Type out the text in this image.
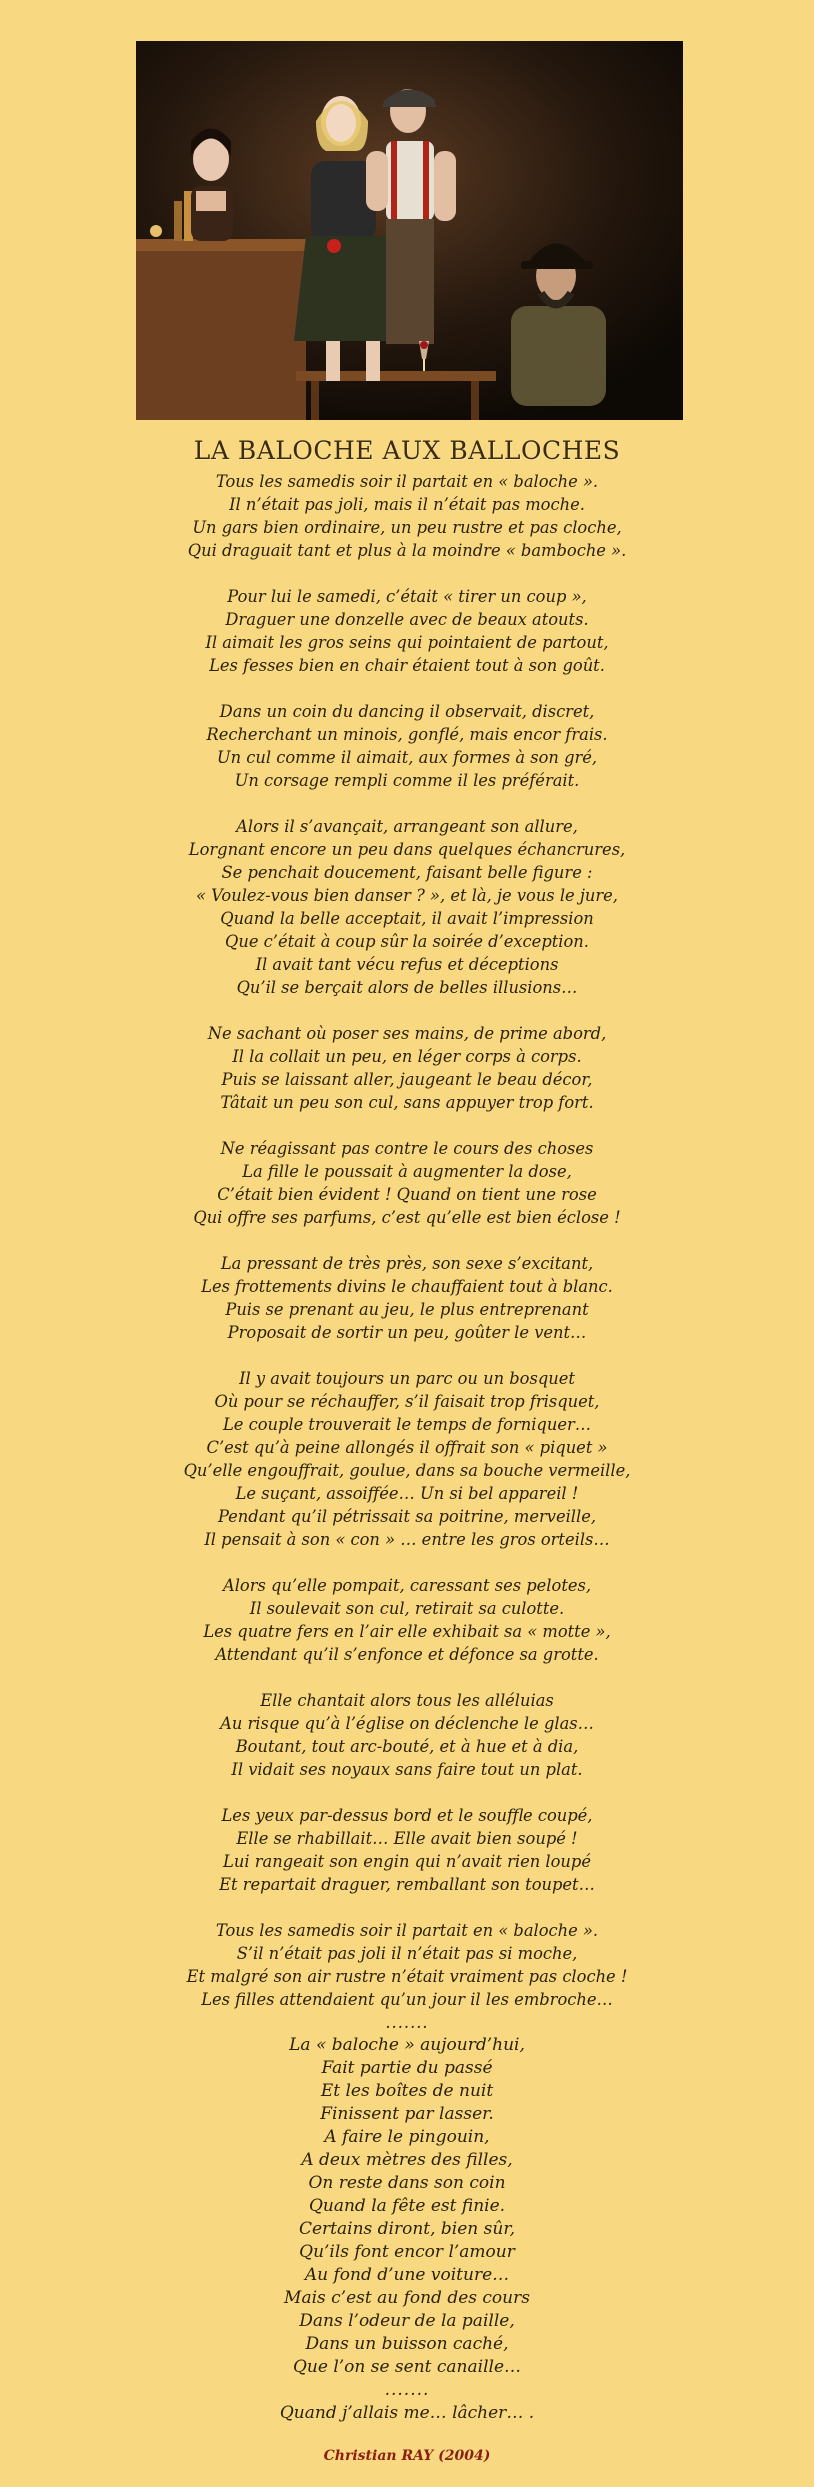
LA BALOCHE AUX BALLOCHES
Tous les samedis soir il partait en « baloche ».
Il n’était pas joli, mais il n’était pas moche.
Un gars bien ordinaire, un peu rustre et pas cloche,
Qui draguait tant et plus à la moindre « bamboche ».
Pour lui le samedi, c’était « tirer un coup »,
Draguer une donzelle avec de beaux atouts.
Il aimait les gros seins qui pointaient de partout,
Les fesses bien en chair étaient tout à son goût.
Dans un coin du dancing il observait, discret,
Recherchant un minois, gonflé, mais encor frais.
Un cul comme il aimait, aux formes à son gré,
Un corsage rempli comme il les préférait.
Alors il s’avançait, arrangeant son allure,
Lorgnant encore un peu dans quelques échancrures,
Se penchait doucement, faisant belle figure :
« Voulez-vous bien danser ? », et là, je vous le jure,
Quand la belle acceptait, il avait l’impression
Que c’était à coup sûr la soirée d’exception.
Il avait tant vécu refus et déceptions
Qu’il se berçait alors de belles illusions…
Ne sachant où poser ses mains, de prime abord,
Il la collait un peu, en léger corps à corps.
Puis se laissant aller, jaugeant le beau décor,
Tâtait un peu son cul, sans appuyer trop fort.
Ne réagissant pas contre le cours des choses
La fille le poussait à augmenter la dose,
C’était bien évident ! Quand on tient une rose
Qui offre ses parfums, c’est qu’elle est bien éclose !
La pressant de très près, son sexe s’excitant,
Les frottements divins le chauffaient tout à blanc.
Puis se prenant au jeu, le plus entreprenant
Proposait de sortir un peu, goûter le vent…
Il y avait toujours un parc ou un bosquet
Où pour se réchauffer, s’il faisait trop frisquet,
Le couple trouverait le temps de forniquer…
C’est qu’à peine allongés il offrait son « piquet »
Qu’elle engouffrait, goulue, dans sa bouche vermeille,
Le suçant, assoiffée… Un si bel appareil !
Pendant qu’il pétrissait sa poitrine, merveille,
Il pensait à son « con » … entre les gros orteils…
Alors qu’elle pompait, caressant ses pelotes,
Il soulevait son cul, retirait sa culotte.
Les quatre fers en l’air elle exhibait sa « motte »,
Attendant qu’il s’enfonce et défonce sa grotte.
Elle chantait alors tous les alléluias
Au risque qu’à l’église on déclenche le glas…
Boutant, tout arc-bouté, et à hue et à dia,
Il vidait ses noyaux sans faire tout un plat.
Les yeux par-dessus bord et le souffle coupé,
Elle se rhabillait… Elle avait bien soupé !
Lui rangeait son engin qui n’avait rien loupé
Et repartait draguer, remballant son toupet…
Tous les samedis soir il partait en « baloche ».
S’il n’était pas joli il n’était pas si moche,
Et malgré son air rustre n’était vraiment pas cloche !
Les filles attendaient qu’un jour il les embroche…
.......
La « baloche » aujourd’hui,
Fait partie du passé
Et les boîtes de nuit
Finissent par lasser.
A faire le pingouin,
A deux mètres des filles,
On reste dans son coin
Quand la fête est finie.
Certains diront, bien sûr,
Qu’ils font encor l’amour
Au fond d’une voiture…
Mais c’est au fond des cours
Dans l’odeur de la paille,
Dans un buisson caché,
Que l’on se sent canaille…
.......
Quand j’allais me… lâcher… .
Christian RAY (2004)
